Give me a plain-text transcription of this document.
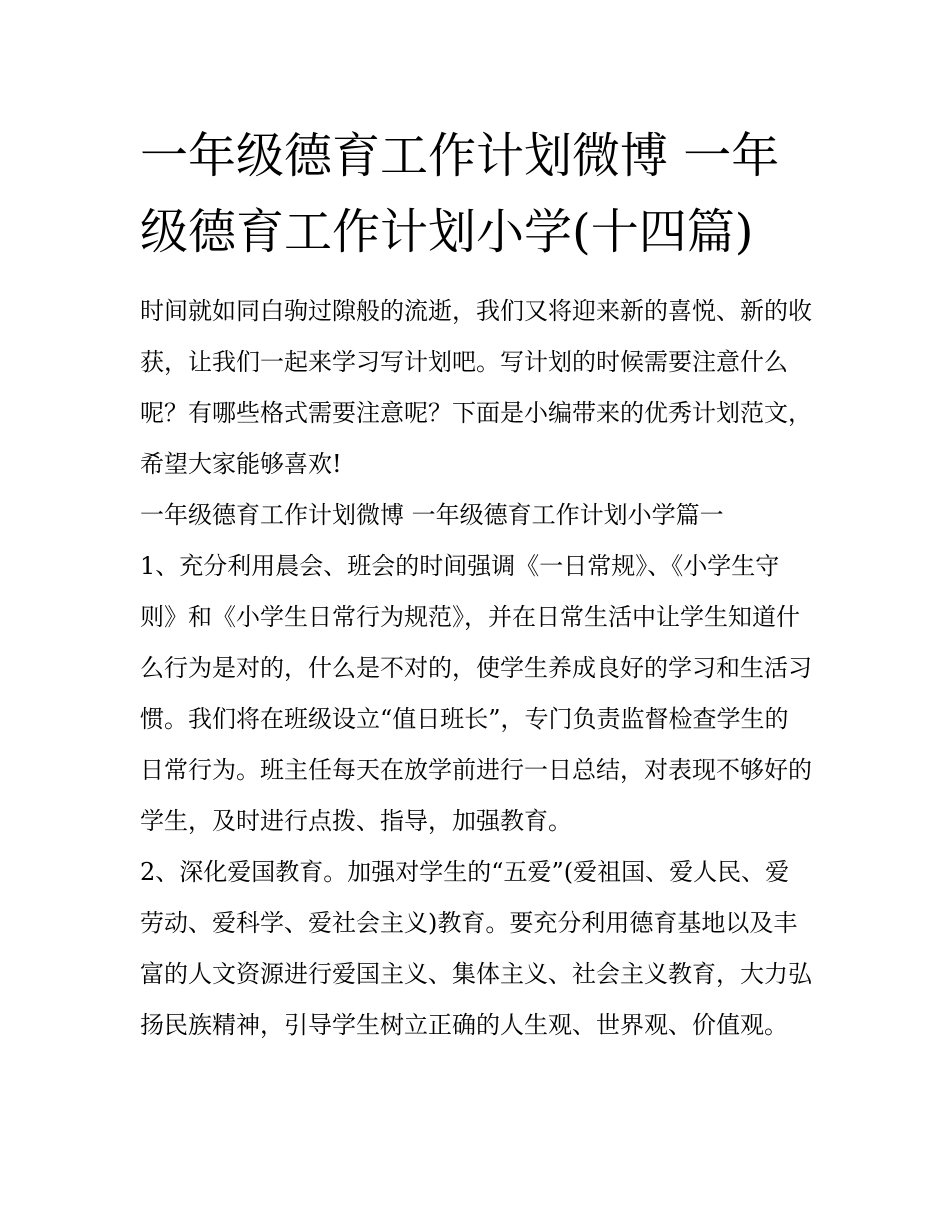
一年级德育工作计划微博 一年级德育工作计划小学(十四篇)

时间就如同白驹过隙般的流逝，我们又将迎来新的喜悦、新的收获，让我们一起来学习写计划吧。写计划的时候需要注意什么呢？有哪些格式需要注意呢？下面是小编带来的优秀计划范文，希望大家能够喜欢!

一年级德育工作计划微博 一年级德育工作计划小学篇一

1、充分利用晨会、班会的时间强调《一日常规》、《小学生守则》和《小学生日常行为规范》，并在日常生活中让学生知道什么行为是对的，什么是不对的，使学生养成良好的学习和生活习惯。我们将在班级设立“值日班长”，专门负责监督检查学生的日常行为。班主任每天在放学前进行一日总结，对表现不够好的学生，及时进行点拨、指导，加强教育。

2、深化爱国教育。加强对学生的“五爱”(爱祖国、爱人民、爱劳动、爱科学、爱社会主义)教育。要充分利用德育基地以及丰富的人文资源进行爱国主义、集体主义、社会主义教育，大力弘扬民族精神，引导学生树立正确的人生观、世界观、价值观。
